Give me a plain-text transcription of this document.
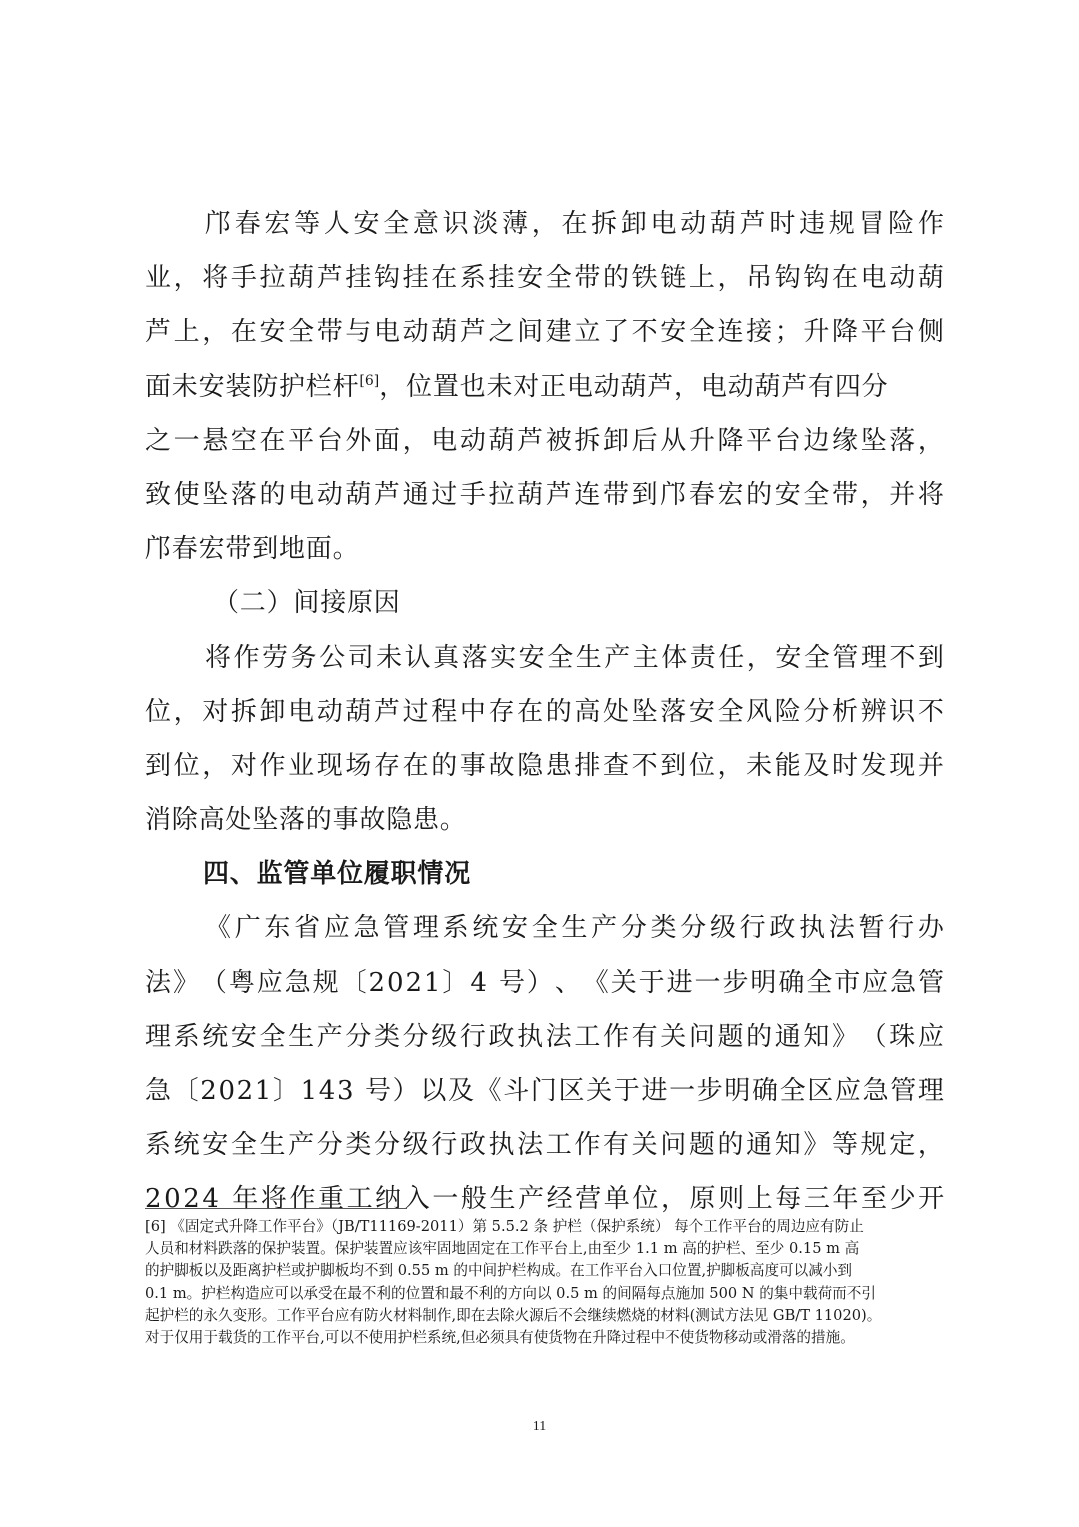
邝 春 宏 等 人 安 全 意 识 淡 薄 ， 在 拆 卸 电 动 葫 芦 时 违 规 冒 险 作
业 ， 将 手 拉 葫 芦 挂 钩 挂 在 系 挂 安 全 带 的 铁 链 上 ， 吊 钩 钩 在 电 动 葫
芦 上 ， 在 安 全 带 与 电 动 葫 芦 之 间 建 立 了 不 安 全 连 接 ； 升 降 平 台 侧
面未安装防护栏杆[6]，位置也未对正电动葫芦，电动葫芦有四分
之 一 悬 空 在 平 台 外 面 ， 电 动 葫 芦 被 拆 卸 后 从 升 降 平 台 边 缘 坠 落 ，
致 使 坠 落 的 电 动 葫 芦 通 过 手 拉 葫 芦 连 带 到 邝 春 宏 的 安 全 带 ， 并 将
邝春宏带到地面。
（二）间接原因
将 作 劳 务 公 司 未 认 真 落 实 安 全 生 产 主 体 责 任 ， 安 全 管 理 不 到
位 ， 对 拆 卸 电 动 葫 芦 过 程 中 存 在 的 高 处 坠 落 安 全 风 险 分 析 辨 识 不
到 位 ， 对 作 业 现 场 存 在 的 事 故 隐 患 排 查 不 到 位 ， 未 能 及 时 发 现 并
消除高处坠落的事故隐患。
四、监管单位履职情况
《 广 东 省 应 急 管 理 系 统 安 全 生 产 分 类 分 级 行 政 执 法 暂 行 办
法 》 （ 粤 应 急 规 〔 2 0 2 1 〕 4
号 ） 、 《 关 于 进 一 步 明 确 全 市 应 急 管
理 系 统 安 全 生 产 分 类 分 级 行 政 执 法 工 作 有 关 问 题 的 通 知 》 （ 珠 应
急 〔 2 0 2 1 〕 1 4 3
号 ） 以 及 《 斗 门 区 关 于 进 一 步 明 确 全 区 应 急 管 理
系 统 安 全 生 产 分 类 分 级 行 政 执 法 工 作 有 关 问 题 的 通 知 》 等 规 定 ，
2 0 2 4
年 将 作 重 工 纳 入 一 般 生 产 经 营 单 位 ， 原 则 上 每 三 年 至 少 开
[6] 《固定式升降工作平台》（JB/T11169-2011）第 5.5.2 条 护栏（保护系统） 每个工作平台的周边应有防止
人员和材料跌落的保护装置。保护装置应该牢固地固定在工作平台上,由至少 1.1 m 高的护栏、至少 0.15 m 高
的护脚板以及距离护栏或护脚板均不到 0.55 m 的中间护栏构成。在工作平台入口位置,护脚板高度可以减小到
0.1 m。护栏构造应可以承受在最不利的位置和最不利的方向以 0.5 m 的间隔每点施加 500 N 的集中载荷而不引
起护栏的永久变形。工作平台应有防火材料制作,即在去除火源后不会继续燃烧的材料(测试方法见 GB/T 11020)。
对于仅用于载货的工作平台,可以不使用护栏系统,但必须具有使货物在升降过程中不使货物移动或滑落的措施。
11
